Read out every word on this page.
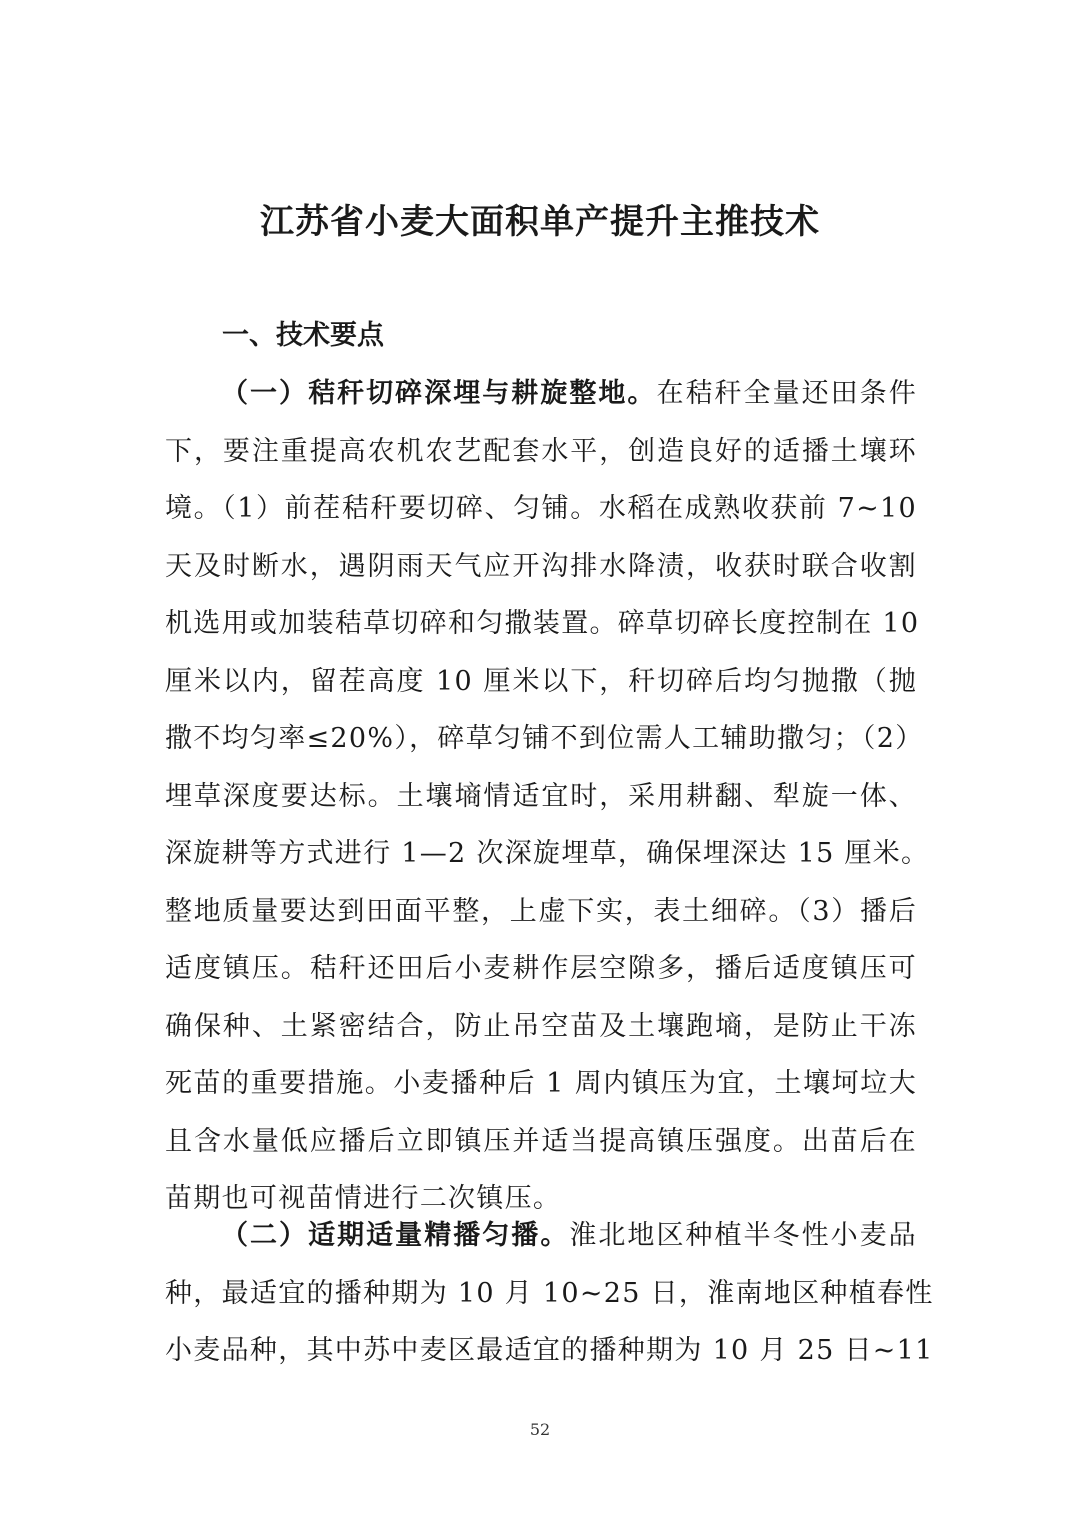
江苏省小麦大面积单产提升主推技术
一、技术要点
（一）秸秆切碎深埋与耕旋整地。在秸秆全量还田条件
下，要注重提高农机农艺配套水平，创造良好的适播土壤环
境。（1）前茬秸秆要切碎、匀铺。水稻在成熟收获前 7~10
天及时断水，遇阴雨天气应开沟排水降渍，收获时联合收割
机选用或加装秸草切碎和匀撒装置。碎草切碎长度控制在 10
厘米以内，留茬高度 10 厘米以下，秆切碎后均匀抛撒（抛
撒不均匀率≤20%），碎草匀铺不到位需人工辅助撒匀；（2）
埋草深度要达标。土壤墒情适宜时，采用耕翻、犁旋一体、
深旋耕等方式进行 1—2 次深旋埋草，确保埋深达 15 厘米。
整地质量要达到田面平整，上虚下实，表土细碎。（3）播后
适度镇压。秸秆还田后小麦耕作层空隙多，播后适度镇压可
确保种、土紧密结合，防止吊空苗及土壤跑墒，是防止干冻
死苗的重要措施。小麦播种后 1 周内镇压为宜，土壤坷垃大
且含水量低应播后立即镇压并适当提高镇压强度。出苗后在
苗期也可视苗情进行二次镇压。
（二）适期适量精播匀播。淮北地区种植半冬性小麦品
种，最适宜的播种期为 10 月 10~25 日，淮南地区种植春性
小麦品种，其中苏中麦区最适宜的播种期为 10 月 25 日~11
52
